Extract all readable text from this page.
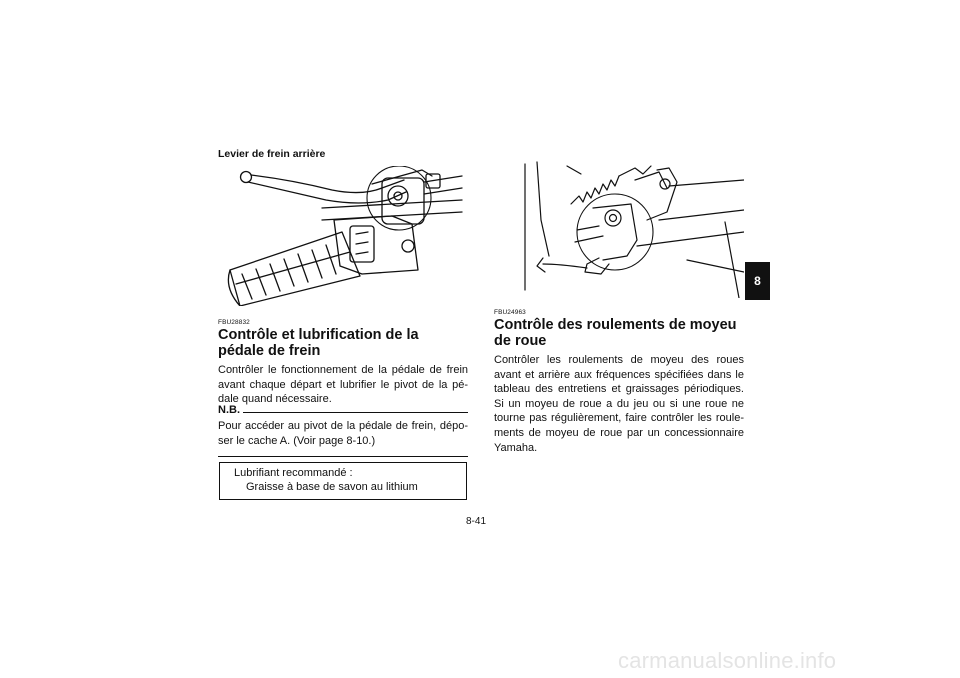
Levier de frein arrière
FBU28832
Contrôle et lubrification de la pédale de frein
Contrôler le fonctionnement de la pédale de frein avant chaque départ et lubrifier le pivot de la pé-dale quand nécessaire.
N.B.
Pour accéder au pivot de la pédale de frein, dépo-ser le cache A. (Voir page 8-10.)
Lubrifiant recommandé :
Graisse à base de savon au lithium
FBU24963
Contrôle des roulements de moyeu de roue
Contrôler les roulements de moyeu des roues avant et arrière aux fréquences spécifiées dans le tableau des entretiens et graissages périodiques. Si un moyeu de roue a du jeu ou si une roue ne tourne pas régulièrement, faire contrôler les roule-ments de moyeu de roue par un concessionnaire Yamaha.
8
8-41
carmanualsonline.info
